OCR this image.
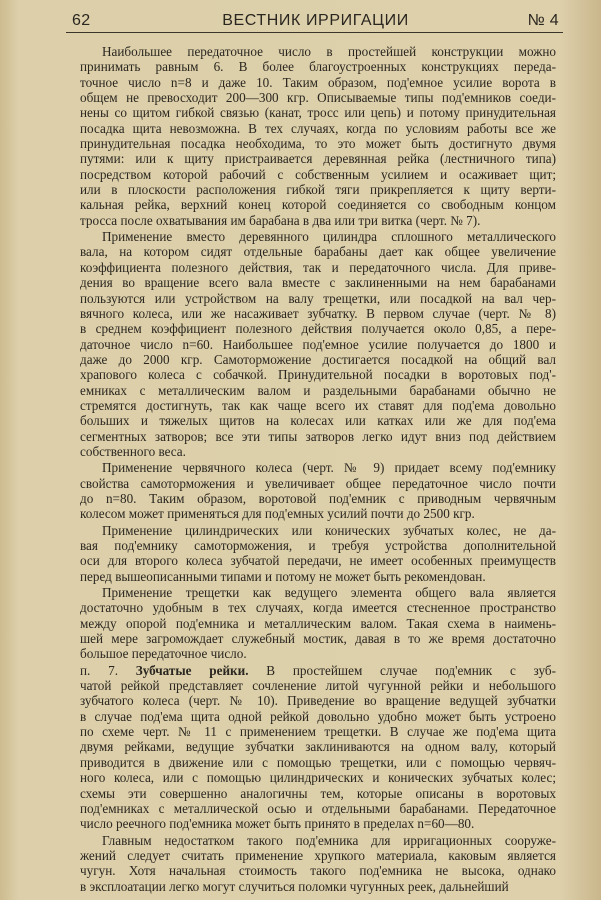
62	ВЕСТНИК ИРРИГАЦИИ	№ 4

Наибольшее передаточное число в простейшей конструкции можно
принимать равным 6. В более благоустроенных конструкциях переда-
точное число n=8 и даже 10. Таким образом, под'емное усилие ворота в
общем не превосходит 200—300 кгр. Описываемые типы под'емников соеди-
нены со щитом гибкой связью (канат, тросс или цепь) и потому принудительная
посадка щита невозможна. В тех случаях, когда по условиям работы все же
принудительная посадка необходима, то это может быть достигнуто двумя
путями: или к щиту пристраивается деревянная рейка (лестничного типа)
посредством которой рабочий с собственным усилием и осаживает щит;
или в плоскости расположения гибкой тяги прикрепляется к щиту верти-
кальная рейка, верхний конец которой соединяется со свободным концом
тросса после охватывания им барабана в два или три витка (черт. № 7).

Применение вместо деревянного цилиндра сплошного металлического
вала, на котором сидят отдельные барабаны дает как общее увеличение
коэффициента полезного действия, так и передаточного числа. Для приве-
дения во вращение всего вала вместе с заклиненными на нем барабанами
пользуются или устройством на валу трещетки, или посадкой на вал чер-
вячного колеса, или же насаживает зубчатку. В первом случае (черт. № 8)
в среднем коэффициент полезного действия получается около 0,85, а пере-
даточное число n=60. Наибольшее под'емное усилие получается до 1800 и
даже до 2000 кгр. Самоторможение достигается посадкой на общий вал
храпового колеса с собачкой. Принудительной посадки в воротовых под'-
емниках с металлическим валом и раздельными барабанами обычно не
стремятся достигнуть, так как чаще всего их ставят для под'ема довольно
больших и тяжелых щитов на колесах или катках или же для под'ема
сегментных затворов; все эти типы затворов легко идут вниз под действием
собственного веса.

Применение червячного колеса (черт. № 9) придает всему под'емнику
свойства самоторможения и увеличивает общее передаточное число почти
до n=80. Таким образом, воротовой под'емник с приводным червячным
колесом может применяться для под'емных усилий почти до 2500 кгр.

Применение цилиндрических или конических зубчатых колес, не да-
вая под'емнику самоторможения, и требуя устройства дополнительной
оси для второго колеса зубчатой передачи, не имеет особенных преимуществ
перед вышеописанными типами и потому не может быть рекомендован.

Применение трещетки как ведущего элемента общего вала является
достаточно удобным в тех случаях, когда имеется стесненное пространство
между опорой под'емника и металлическим валом. Такая схема в наимень-
шей мере загромождает служебный мостик, давая в то же время достаточно
большое передаточное число.

п. 7. Зубчатые рейки. В простейшем случае под'емник с зуб-
чатой рейкой представляет сочленение литой чугунной рейки и небольшого
зубчатого колеса (черт. № 10). Приведение во вращение ведущей зубчатки
в случае под'ема щита одной рейкой довольно удобно может быть устроено
по схеме черт. № 11 с применением трещетки. В случае же под'ема щита
двумя рейками, ведущие зубчатки заклиниваются на одном валу, который
приводится в движение или с помощью трещетки, или с помощью червяч-
ного колеса, или с помощью цилиндрических и конических зубчатых колес;
схемы эти совершенно аналогичны тем, которые описаны в воротовых
под'емниках с металлической осью и отдельными барабанами. Передаточное
число реечного под'емника может быть принято в пределах n=60—80.

Главным недостатком такого под'емника для ирригационных сооруже-
жений следует считать применение хрупкого материала, каковым является
чугун. Хотя начальная стоимость такого под'емника не высока, однако
в эксплоатации легко могут случиться поломки чугунных реек, дальнейший
